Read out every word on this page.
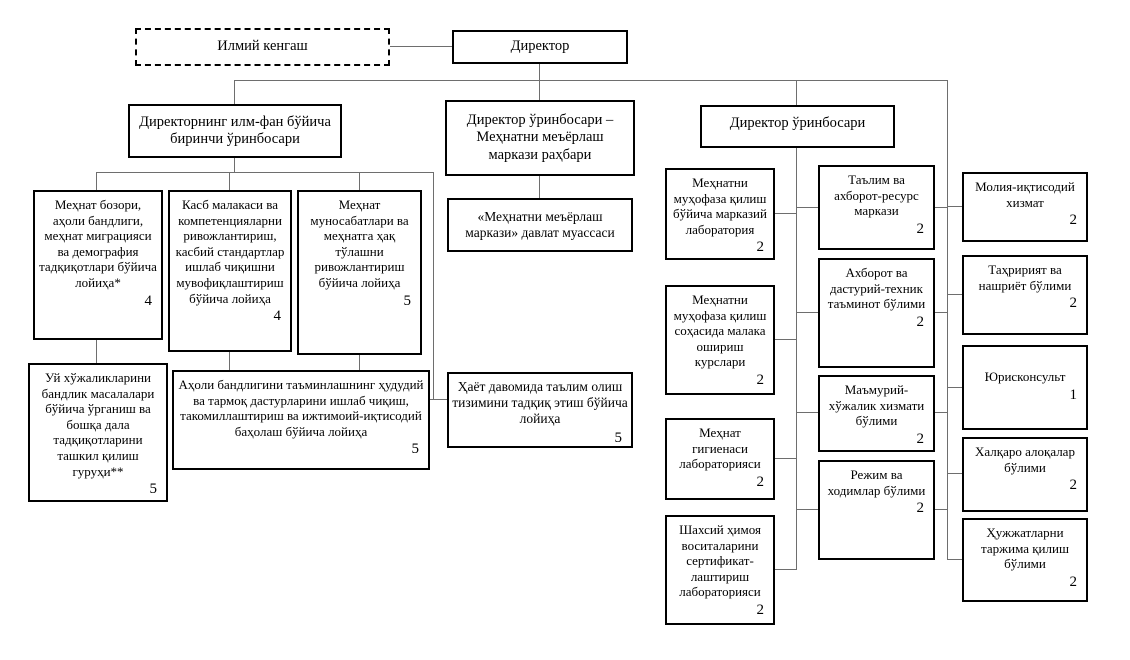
Илмий кенгаш	Директор
Директорнинг илм-фан бўйича биринчи ўринбосари
Директор ўринбосари – Меҳнатни меъёрлаш маркази раҳбари
Директор ўринбосари
Меҳнат бозори, аҳоли бандлиги, меҳнат миграцияси ва демография тадқиқотлари бўйича лойиҳа*
4
Касб малакаси ва компетенцияларни ривожлантириш, касбий стандартлар ишлаб чиқишни мувофиқлаштириш бўйича лойиҳа
4
Меҳнат муносабатлари ва меҳнатга ҳақ тўлашни ривожлантириш бўйича лойиҳа
5
Уй хўжаликларини бандлик масалалари бўйича ўрганиш ва бошқа дала тадқиқотларини ташкил қилиш гуруҳи**
5
Аҳоли бандлигини таъминлашнинг ҳудудий ва тармоқ дастурларини ишлаб чиқиш, такомиллаштириш ва ижтимоий-иқтисодий баҳолаш бўйича лойиҳа
5
«Меҳнатни меъёрлаш маркази» давлат муассаси
Ҳаёт давомида таълим олиш тизимини тадқиқ этиш бўйича лойиҳа
5
Меҳнатни муҳофаза қилиш бўйича марказий лаборатория
2
Меҳнатни муҳофаза қилиш соҳасида малака ошириш курслари
2
Меҳнат гигиенаси лабораторияси
2
Шахсий ҳимоя воситаларини сертификат-лаштириш лабораторияси
2
Таълим ва ахборот-ресурс маркази
2
Ахборот ва дастурий-техник таъминот бўлими
2
Маъмурий-хўжалик хизмати бўлими
2
Режим ва ходимлар бўлими
2
Молия-иқтисодий хизмат
2
Таҳририят ва нашриёт бўлими
2
Юрисконсульт
1
Халқаро алоқалар бўлими
2
Ҳужжатларни таржима қилиш бўлими
2
